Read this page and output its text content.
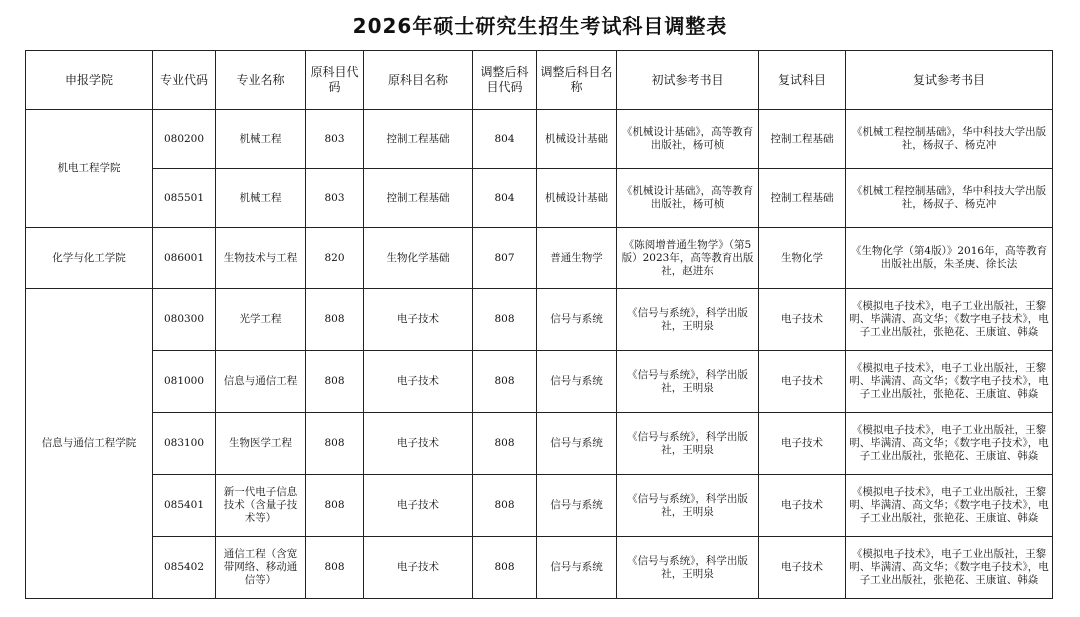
2026年硕士研究生招生考试科目调整表
申报学院	专业代码	专业名称	原科目代码	原科目名称	调整后科目代码	调整后科目名称	初试参考书目	复试科目	复试参考书目
机电工程学院	080200	机械工程	803	控制工程基础	804	机械设计基础	《机械设计基础》，高等教育出版社，杨可桢	控制工程基础	《机械工程控制基础》，华中科技大学出版社，杨叔子、杨克冲
	085501	机械工程	803	控制工程基础	804	机械设计基础	《机械设计基础》，高等教育出版社，杨可桢	控制工程基础	《机械工程控制基础》，华中科技大学出版社，杨叔子、杨克冲
化学与化工学院	086001	生物技术与工程	820	生物化学基础	807	普通生物学	《陈阅增普通生物学》（第5版）2023年，高等教育出版社，赵进东	生物化学	《生物化学（第4版）》2016年，高等教育出版社出版，朱圣庚、徐长法
信息与通信工程学院	080300	光学工程	808	电子技术	808	信号与系统	《信号与系统》，科学出版社，王明泉	电子技术	《模拟电子技术》，电子工业出版社，王黎明、毕满清、高文华；《数字电子技术》，电子工业出版社，张艳花、王康谊、韩焱
	081000	信息与通信工程	808	电子技术	808	信号与系统	《信号与系统》，科学出版社，王明泉	电子技术	《模拟电子技术》，电子工业出版社，王黎明、毕满清、高文华；《数字电子技术》，电子工业出版社，张艳花、王康谊、韩焱
	083100	生物医学工程	808	电子技术	808	信号与系统	《信号与系统》，科学出版社，王明泉	电子技术	《模拟电子技术》，电子工业出版社，王黎明、毕满清、高文华；《数字电子技术》，电子工业出版社，张艳花、王康谊、韩焱
	085401	新一代电子信息技术（含量子技术等）	808	电子技术	808	信号与系统	《信号与系统》，科学出版社，王明泉	电子技术	《模拟电子技术》，电子工业出版社，王黎明、毕满清、高文华；《数字电子技术》，电子工业出版社，张艳花、王康谊、韩焱
	085402	通信工程（含宽带网络、移动通信等）	808	电子技术	808	信号与系统	《信号与系统》，科学出版社，王明泉	电子技术	《模拟电子技术》，电子工业出版社，王黎明、毕满清、高文华；《数字电子技术》，电子工业出版社，张艳花、王康谊、韩焱
